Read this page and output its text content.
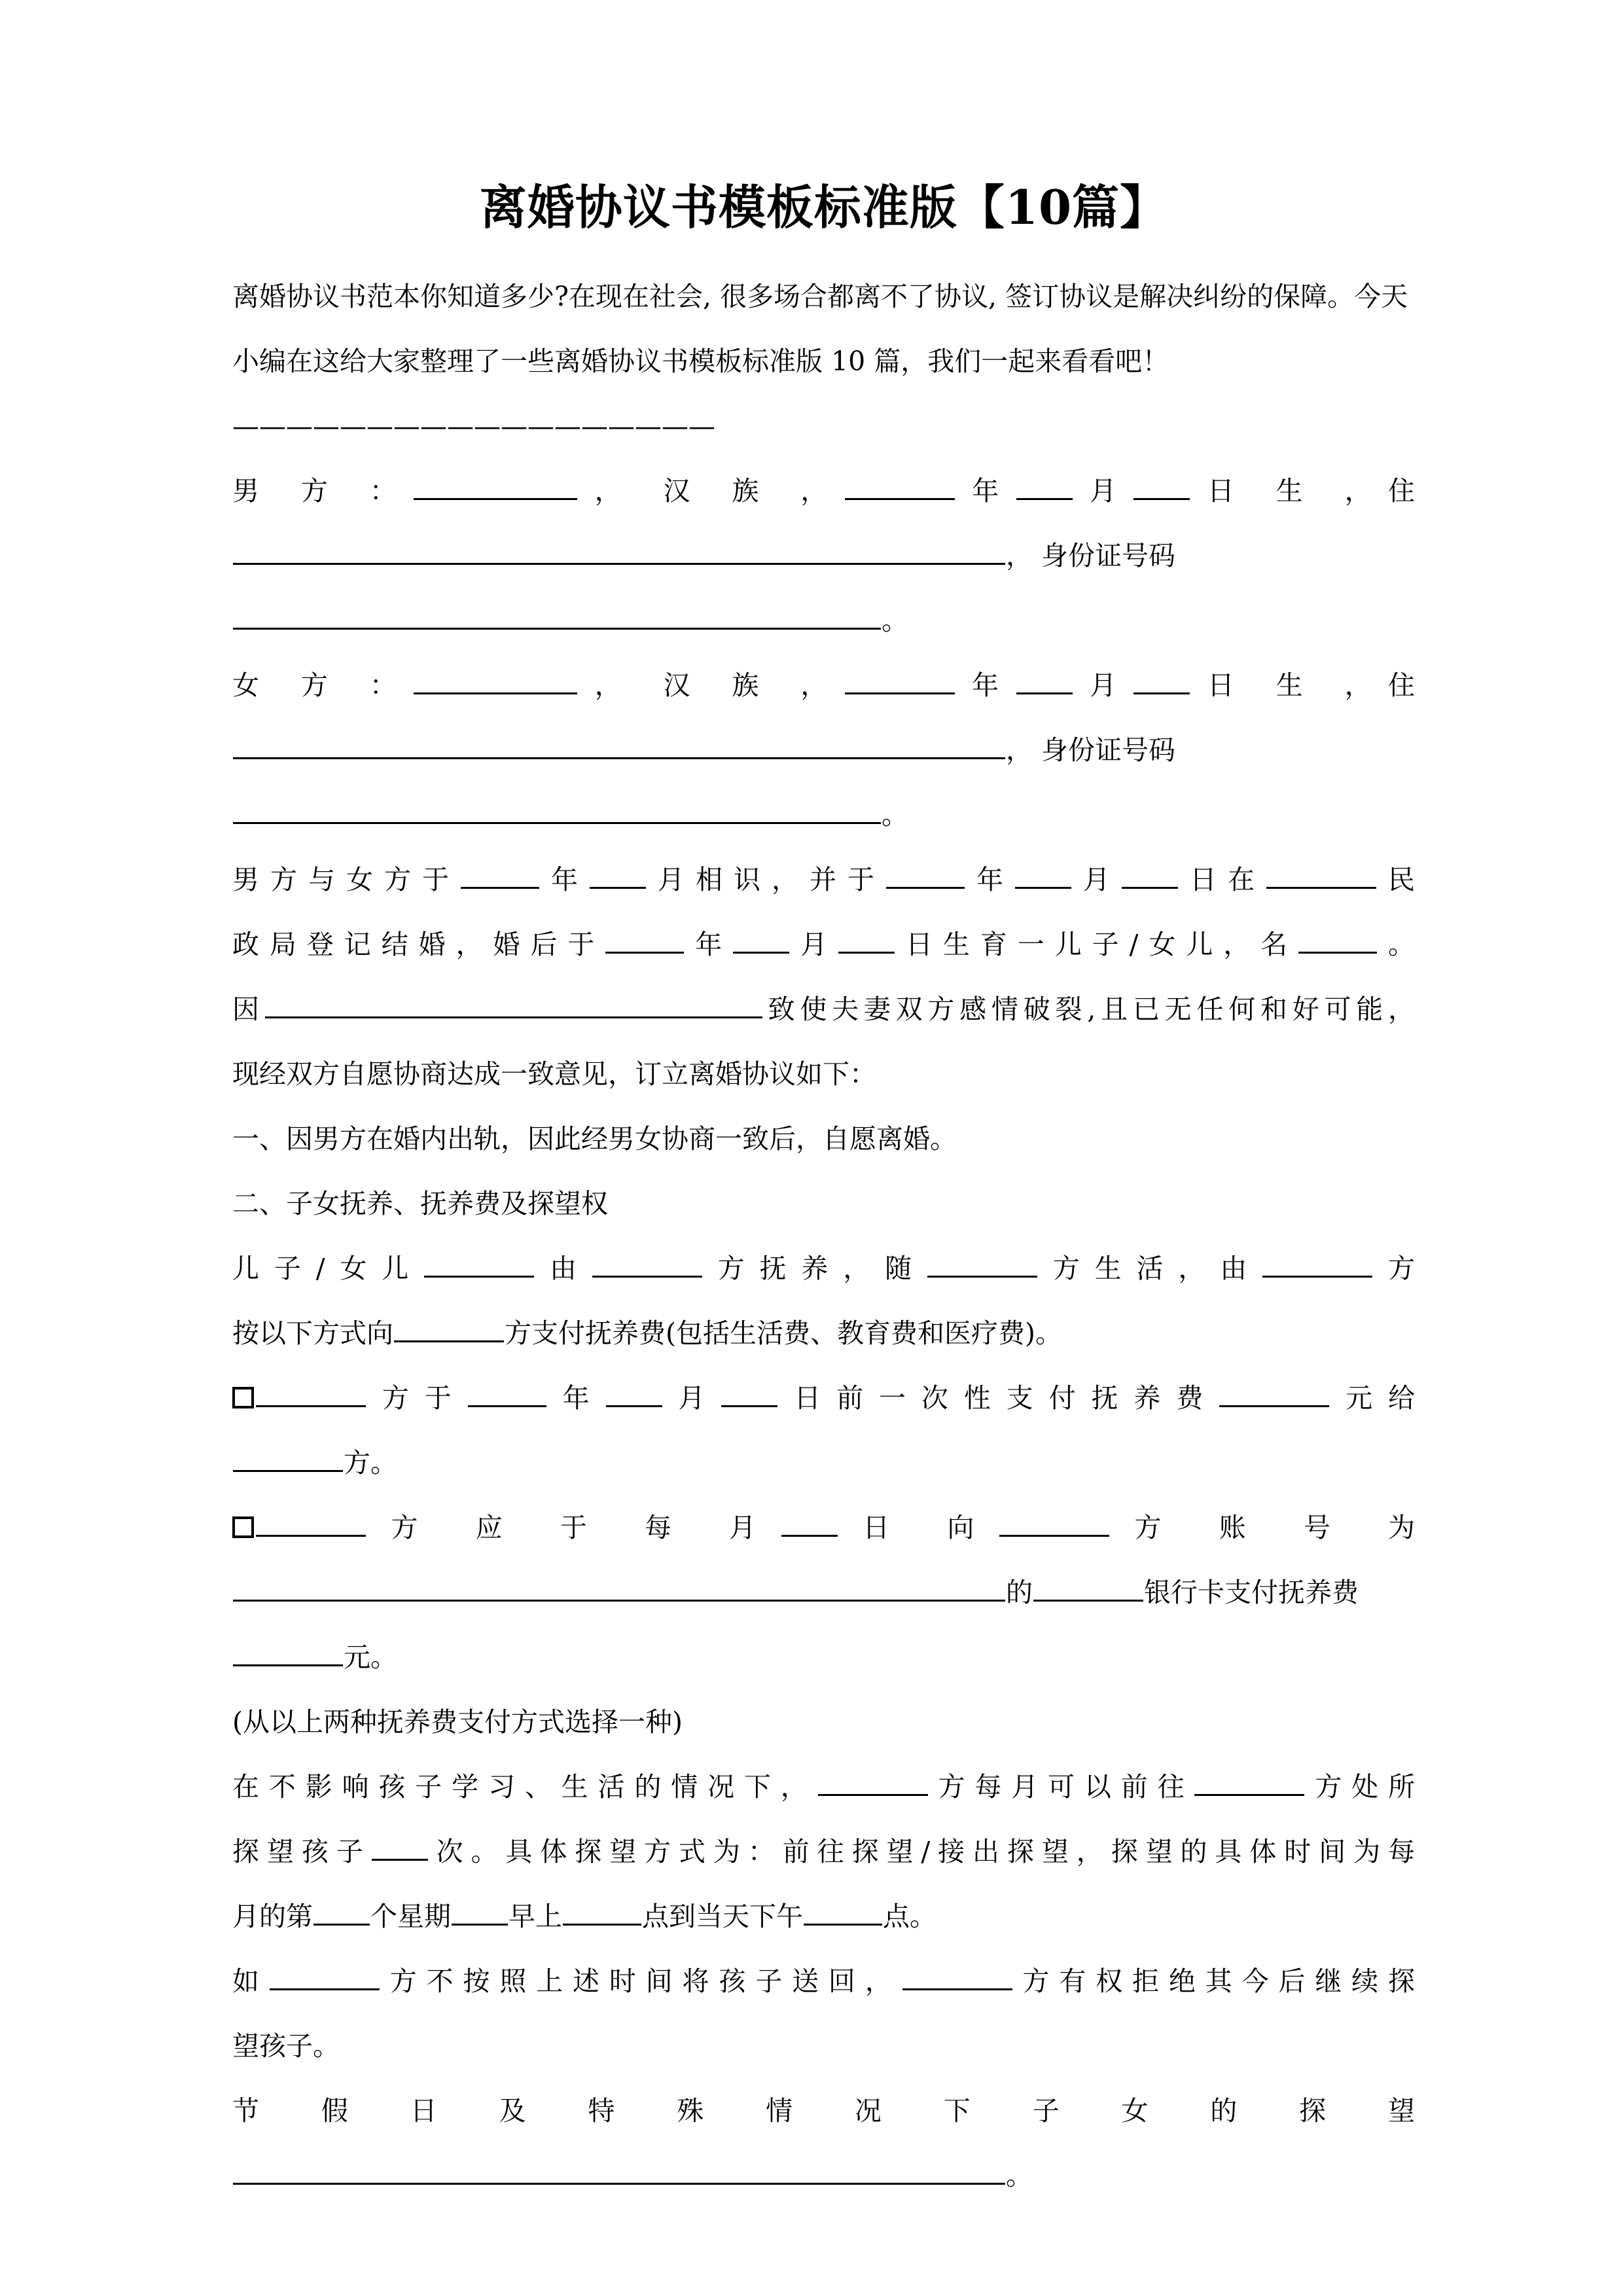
离婚协议书模板标准版【10篇】

离婚协议书范本你知道多少?在现在社会, 很多场合都离不了协议, 签订协议是解决纠纷的保障。今天小编在这给大家整理了一些离婚协议书模板标准版 10 篇，我们一起来看看吧！

——————————————————

男 方 ：	， 汉 族 ，	年 月 日 生 ，住

， 身份证号码。

女 方 ：	， 汉 族 ，	年 月 日 生 ，住

， 身份证号码。

男方与女方于	年 月相识，并于	年 月 日在	民

政局登记结婚，婚后于	年 月 日生育一儿子/女儿，名	。

因	致使夫妻双方感情破裂,且已无任何和好可能，

现经双方自愿协商达成一致意见，订立离婚协议如下：

一、因男方在婚内出轨，因此经男女协商一致后，自愿离婚。

二、子女抚养、抚养费及探望权

儿子/女儿	由	方抚养，随	方生活，由	方

按以下方式向	方支付抚养费(包括生活费、教育费和医疗费)。

方于	年 月 日前一次性支付抚养费	元给

方。

方 应 于 每 月 日 向	方 账 号 为

的	银行卡支付抚养费元。

(从以上两种抚养费支付方式选择一种)

在不影响孩子学习、生活的情况下，	方每月可以前往	方处所

探望孩子 次。具体探望方式为：前往探望/接出探望，探望的具体时间为每

月的第 个星期 早上	点到当天下午	点。

如	方不按照上述时间将孩子送回，	方有权拒绝其今后继续探

望孩子。

节 假 日 及 特 殊 情 况 下 子 女 的 探 望

。
